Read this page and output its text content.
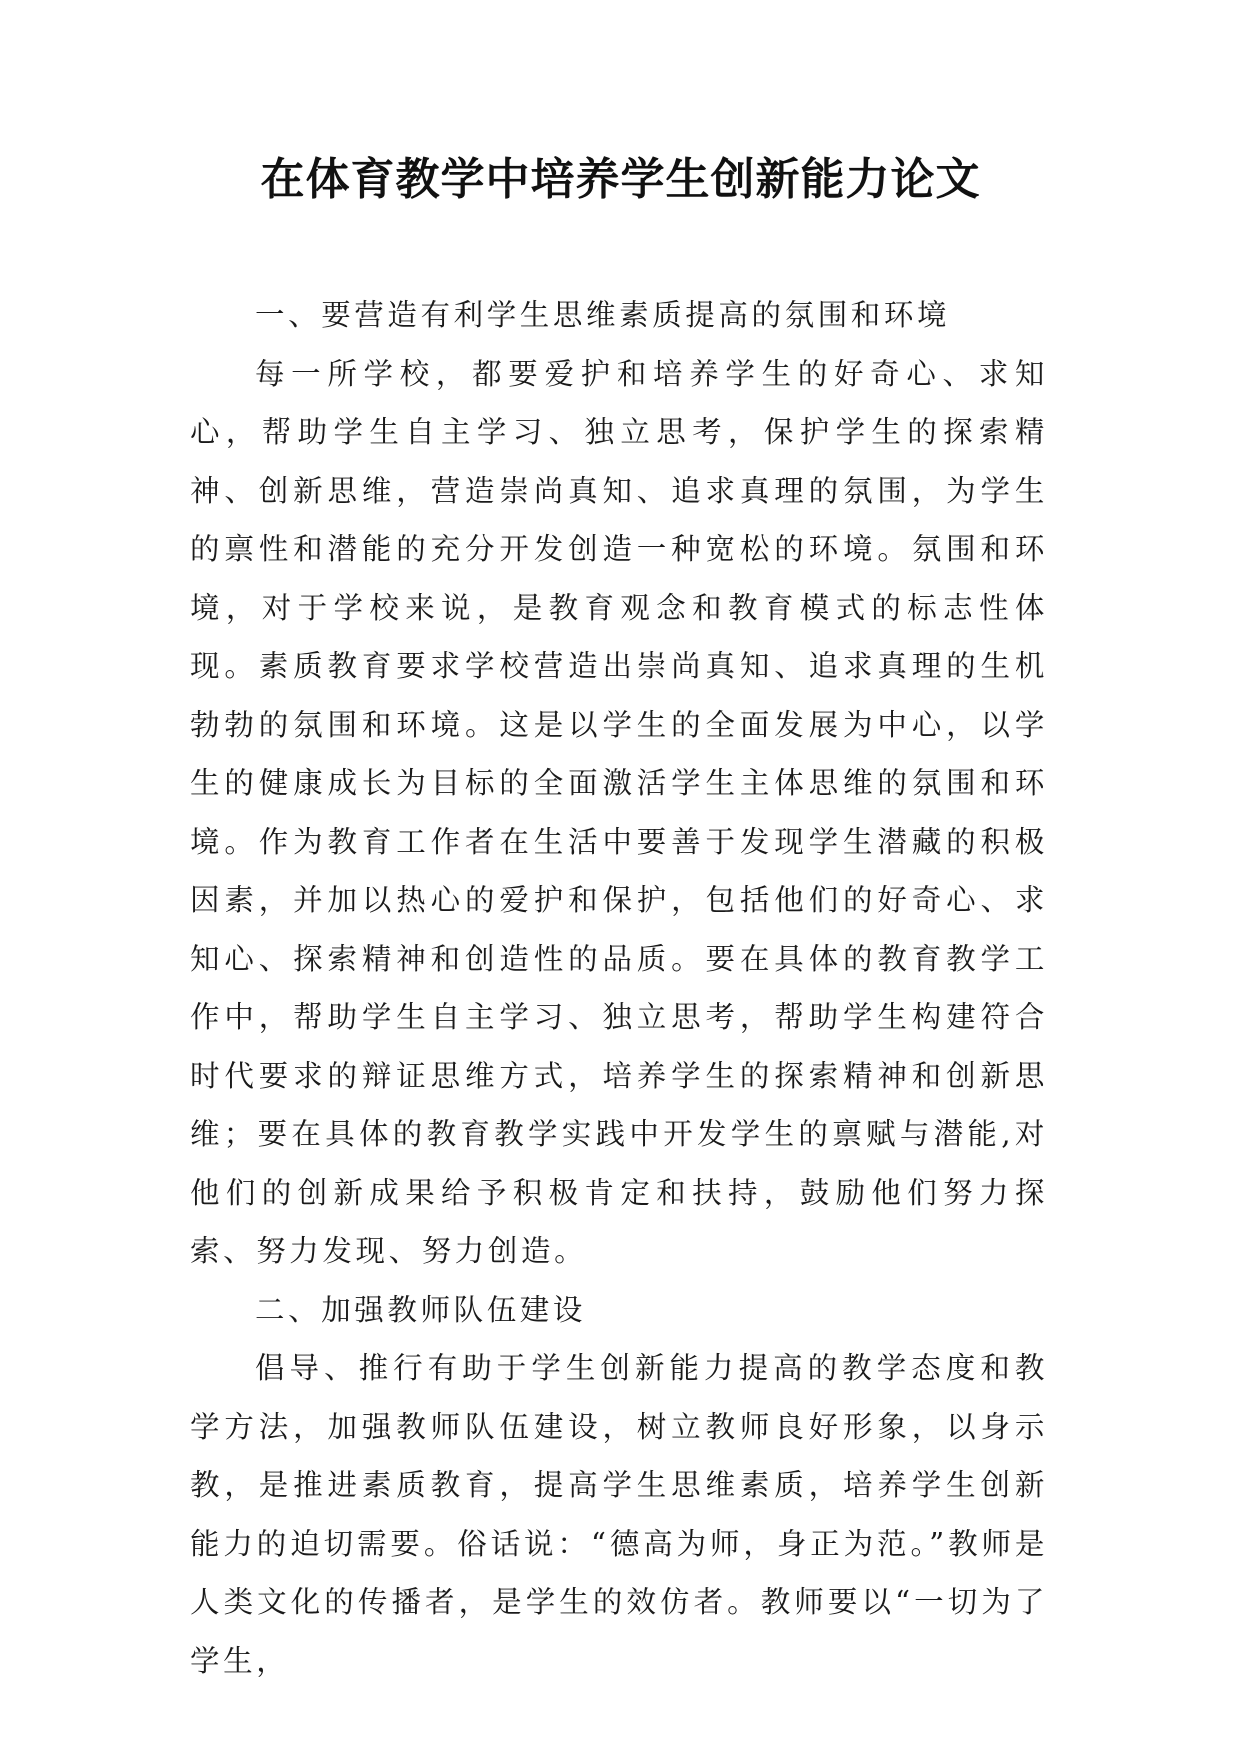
在体育教学中培养学生创新能力论文

一、要营造有利学生思维素质提高的氛围和环境

每一所学校，都要爱护和培养学生的好奇心、求知心，帮助学生自主学习、独立思考，保护学生的探索精神、创新思维，营造崇尚真知、追求真理的氛围，为学生的禀性和潜能的充分开发创造一种宽松的环境。氛围和环境，对于学校来说，是教育观念和教育模式的标志性体现。素质教育要求学校营造出崇尚真知、追求真理的生机勃勃的氛围和环境。这是以学生的全面发展为中心，以学生的健康成长为目标的全面激活学生主体思维的氛围和环境。作为教育工作者在生活中要善于发现学生潜藏的积极因素，并加以热心的爱护和保护，包括他们的好奇心、求知心、探索精神和创造性的品质。要在具体的教育教学工作中，帮助学生自主学习、独立思考，帮助学生构建符合时代要求的辩证思维方式，培养学生的探索精神和创新思维；要在具体的教育教学实践中开发学生的禀赋与潜能,对他们的创新成果给予积极肯定和扶持，鼓励他们努力探索、努力发现、努力创造。

二、加强教师队伍建设

倡导、推行有助于学生创新能力提高的教学态度和教学方法，加强教师队伍建设，树立教师良好形象，以身示教，是推进素质教育，提高学生思维素质，培养学生创新能力的迫切需要。俗话说：“德高为师，身正为范。”教师是人类文化的传播者，是学生的效仿者。教师要以“一切为了学生，
